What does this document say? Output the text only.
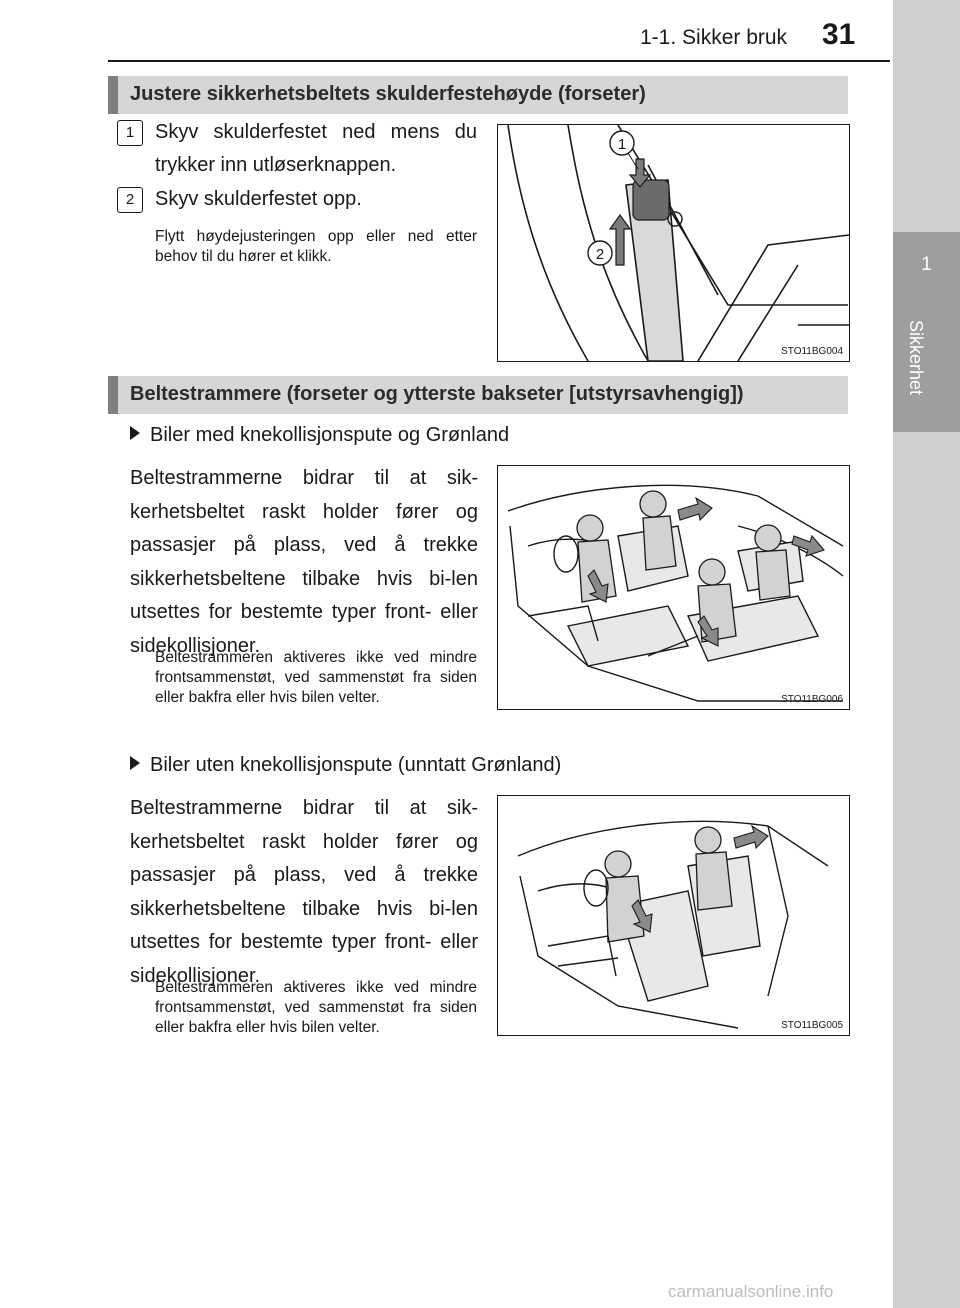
1-1. Sikker bruk 31
1
Sikkerhet
Justere sikkerhetsbeltets skulderfestehøyde (forseter)
1	Skyv skulderfestet ned mens du trykker inn utløserknappen.
2	Skyv skulderfestet opp.
Flytt høydejusteringen opp eller ned etter behov til du hører et klikk.
1
2
STO11BG004
Beltestrammere (forseter og ytterste bakseter [utstyrsavhengig])
Biler med knekollisjonspute og Grønland
Beltestrammerne bidrar til at sik-kerhetsbeltet raskt holder fører og passasjer på plass, ved å trekke sikkerhetsbeltene tilbake hvis bi-len utsettes for bestemte typer front- eller sidekollisjoner.
Beltestrammeren aktiveres ikke ved mindre frontsammenstøt, ved sammenstøt fra siden eller bakfra eller hvis bilen velter.	STO11BG006
Biler uten knekollisjonspute (unntatt Grønland)
Beltestrammerne bidrar til at sik-kerhetsbeltet raskt holder fører og passasjer på plass, ved å trekke sikkerhetsbeltene tilbake hvis bi-len utsettes for bestemte typer front- eller sidekollisjoner.
Beltestrammeren aktiveres ikke ved mindre frontsammenstøt, ved sammenstøt fra siden eller bakfra eller hvis bilen velter.	STO11BG005
carmanualsonline.info
